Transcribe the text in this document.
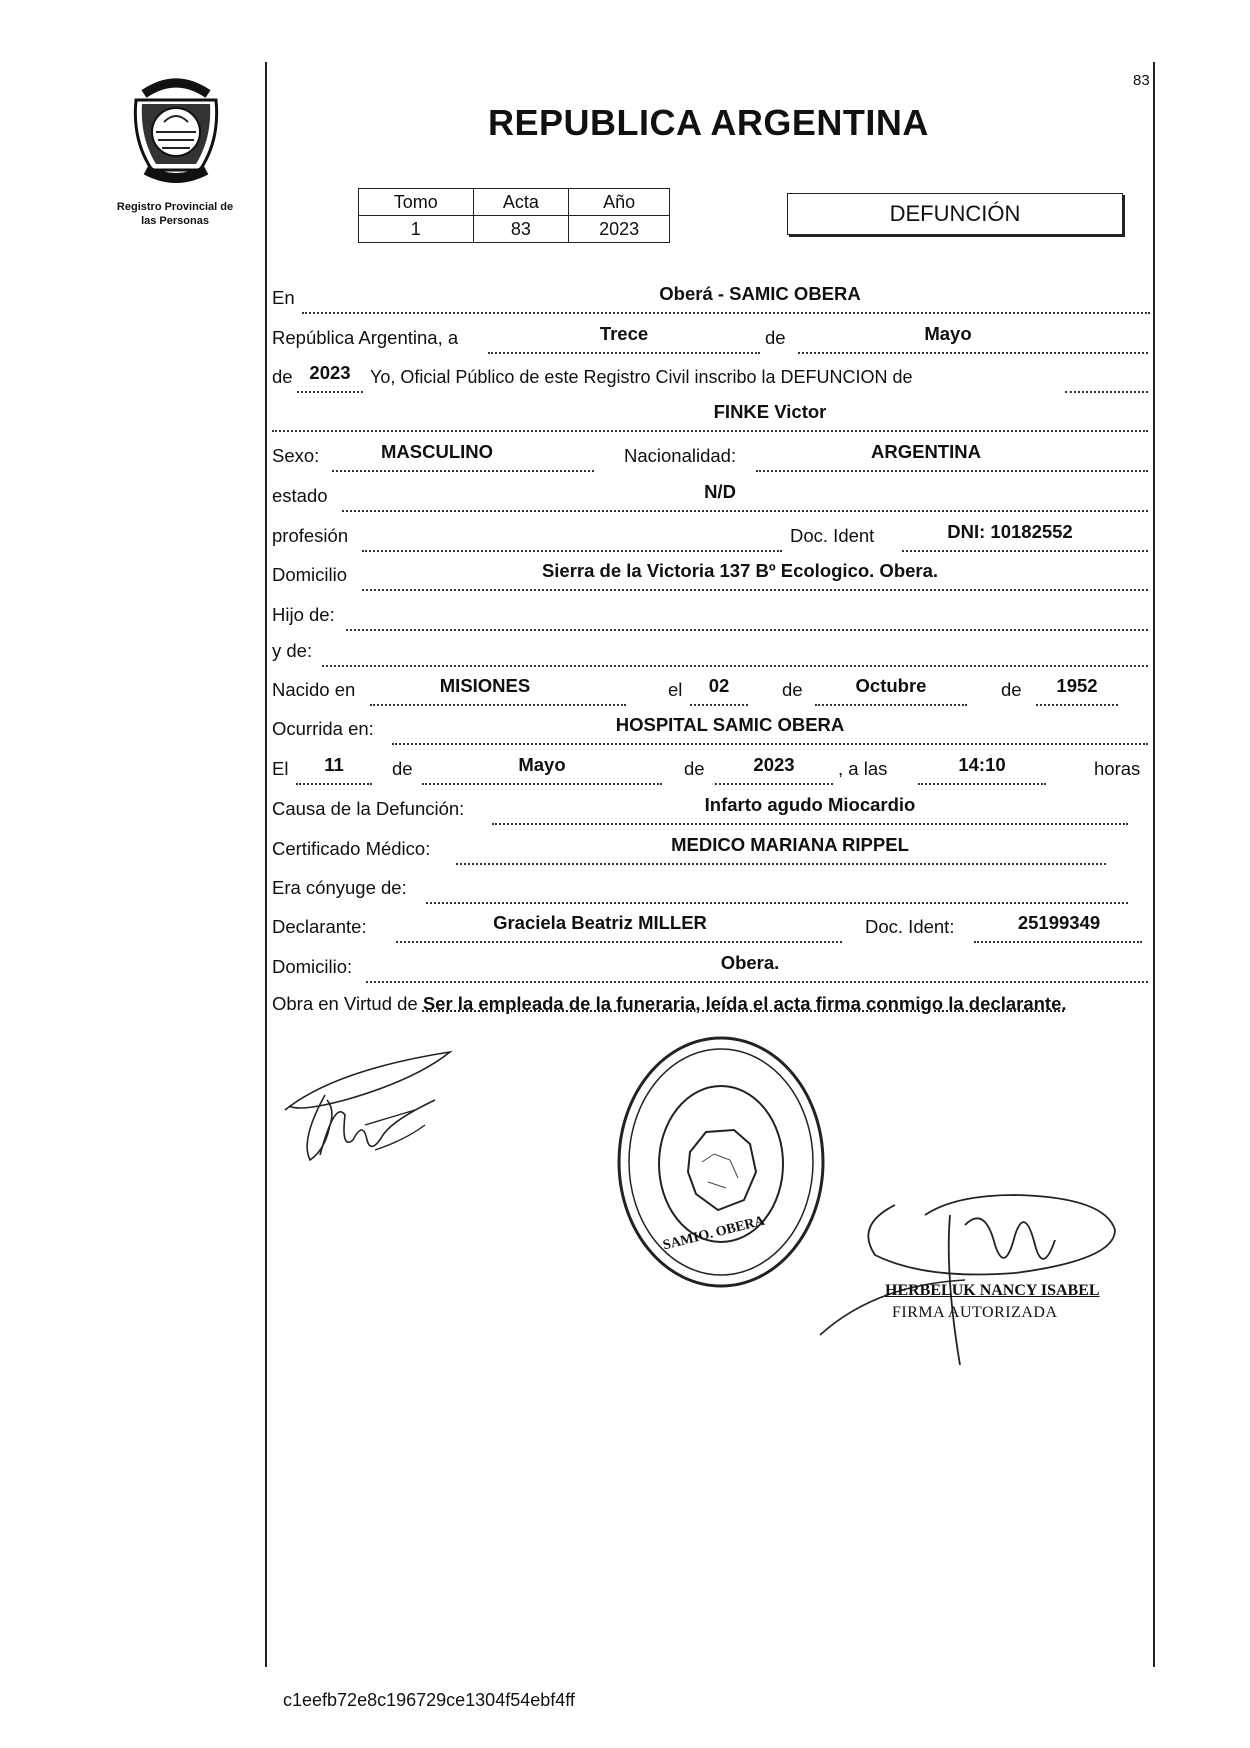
Registro Provincial de
las Personas
REPUBLICA ARGENTINA
83
Tomo	Acta	Año
1	83	2023
DEFUNCIÓN
En	Oberá - SAMIC OBERA
República Argentina, a	Trece	de	Mayo
de 2023	Yo, Oficial Público de este Registro Civil inscribo la DEFUNCION de
FINKE Victor
Sexo:	MASCULINO	Nacionalidad:	ARGENTINA
estado	N/D
profesión	Doc. Ident	DNI: 10182552
Domicilio	Sierra de la Victoria 137 Bº Ecologico. Obera.
Hijo de:
y de:
Nacido en	MISIONES	el	02	de	Octubre	de	1952
Ocurrida en:	HOSPITAL SAMIC OBERA
El	11	de	Mayo	de	2023	, a las	14:10	horas
Causa de la Defunción:	Infarto agudo Miocardio
Certificado Médico:	MEDICO MARIANA RIPPEL
Era cónyuge de:
Declarante:	Graciela Beatriz MILLER	Doc. Ident:	25199349
Domicilio:	Obera.
Obra en Virtud de Ser la empleada de la funeraria, leída el acta firma conmigo la declarante.
SAMIO. OBERA
HERBELUK NANCY ISABEL
FIRMA AUTORIZADA
c1eefb72e8c196729ce1304f54ebf4ff
